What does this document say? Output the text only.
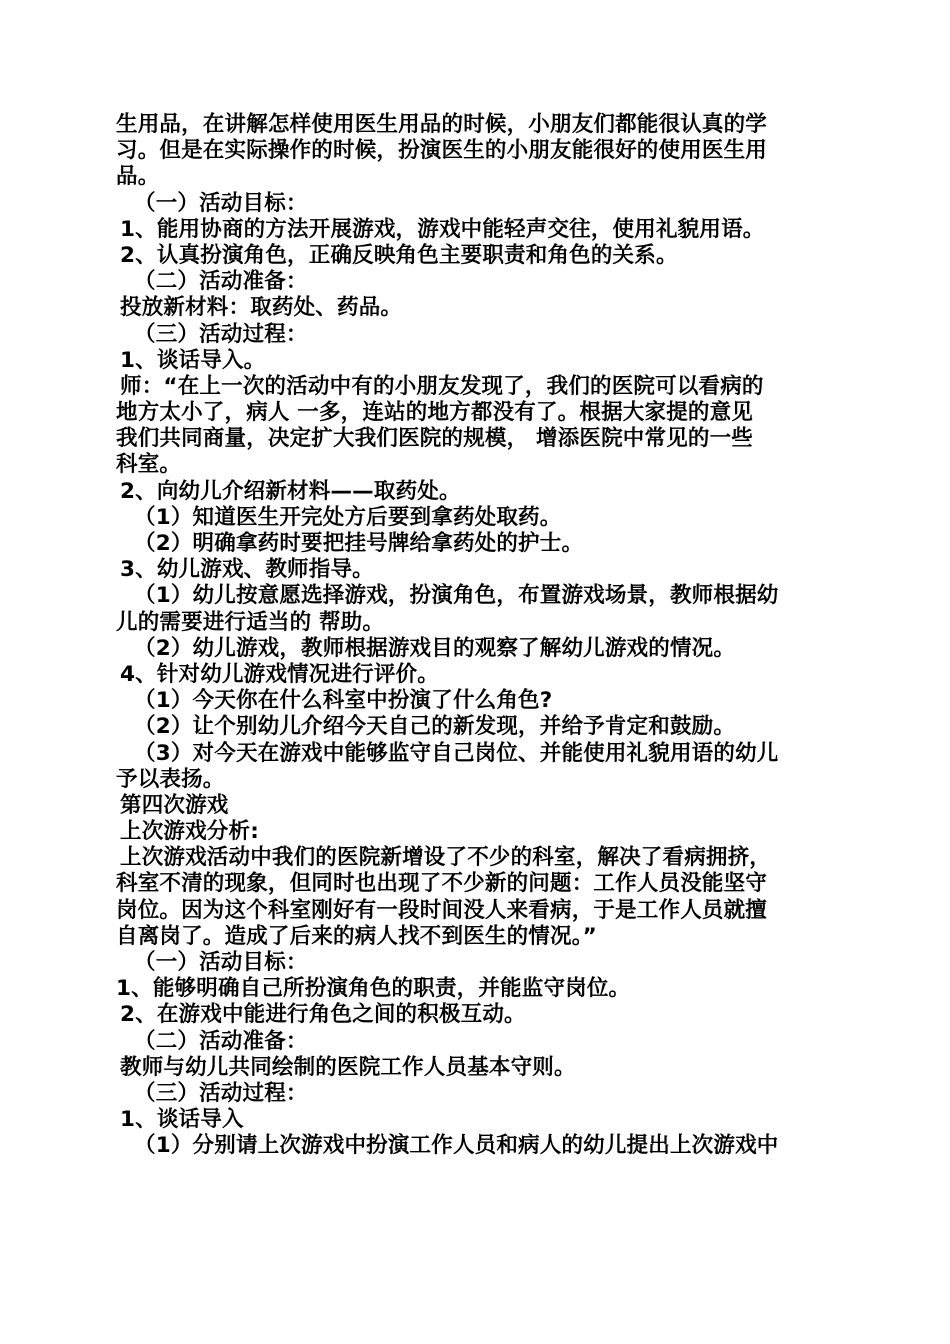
生用品，在讲解怎样使用医生用品的时候，小朋友们都能很认真的学
习。但是在实际操作的时候，扮演医生的小朋友能很好的使用医生用
品。
（一）活动目标：
1、能用协商的方法开展游戏，游戏中能轻声交往，使用礼貌用语。
2、认真扮演角色，正确反映角色主要职责和角色的关系。
（二）活动准备：
投放新材料：取药处、药品。
（三）活动过程：
1、谈话导入。
师：“在上一次的活动中有的小朋友发现了，我们的医院可以看病的
地方太小了，病人 一多，连站的地方都没有了。根据大家提的意见
我们共同商量，决定扩大我们医院的规模， 增添医院中常见的一些
科室。
2、向幼儿介绍新材料——取药处。
（1）知道医生开完处方后要到拿药处取药。
（2）明确拿药时要把挂号牌给拿药处的护士。
3、幼儿游戏、教师指导。
（1）幼儿按意愿选择游戏，扮演角色，布置游戏场景，教师根据幼
儿的需要进行适当的 帮助。
（2）幼儿游戏，教师根据游戏目的观察了解幼儿游戏的情况。
4、针对幼儿游戏情况进行评价。
（1）今天你在什么科室中扮演了什么角色?
（2）让个别幼儿介绍今天自己的新发现，并给予肯定和鼓励。
（3）对今天在游戏中能够监守自己岗位、并能使用礼貌用语的幼儿
予以表扬。
第四次游戏
上次游戏分析:
上次游戏活动中我们的医院新增设了不少的科室，解决了看病拥挤，
科室不清的现象，但同时也出现了不少新的问题：工作人员没能坚守
岗位。因为这个科室刚好有一段时间没人来看病，于是工作人员就擅
自离岗了。造成了后来的病人找不到医生的情况。”
（一）活动目标：
1、能够明确自己所扮演角色的职责，并能监守岗位。
2、在游戏中能进行角色之间的积极互动。
（二）活动准备：
教师与幼儿共同绘制的医院工作人员基本守则。
（三）活动过程：
1、谈话导入
（1）分别请上次游戏中扮演工作人员和病人的幼儿提出上次游戏中
